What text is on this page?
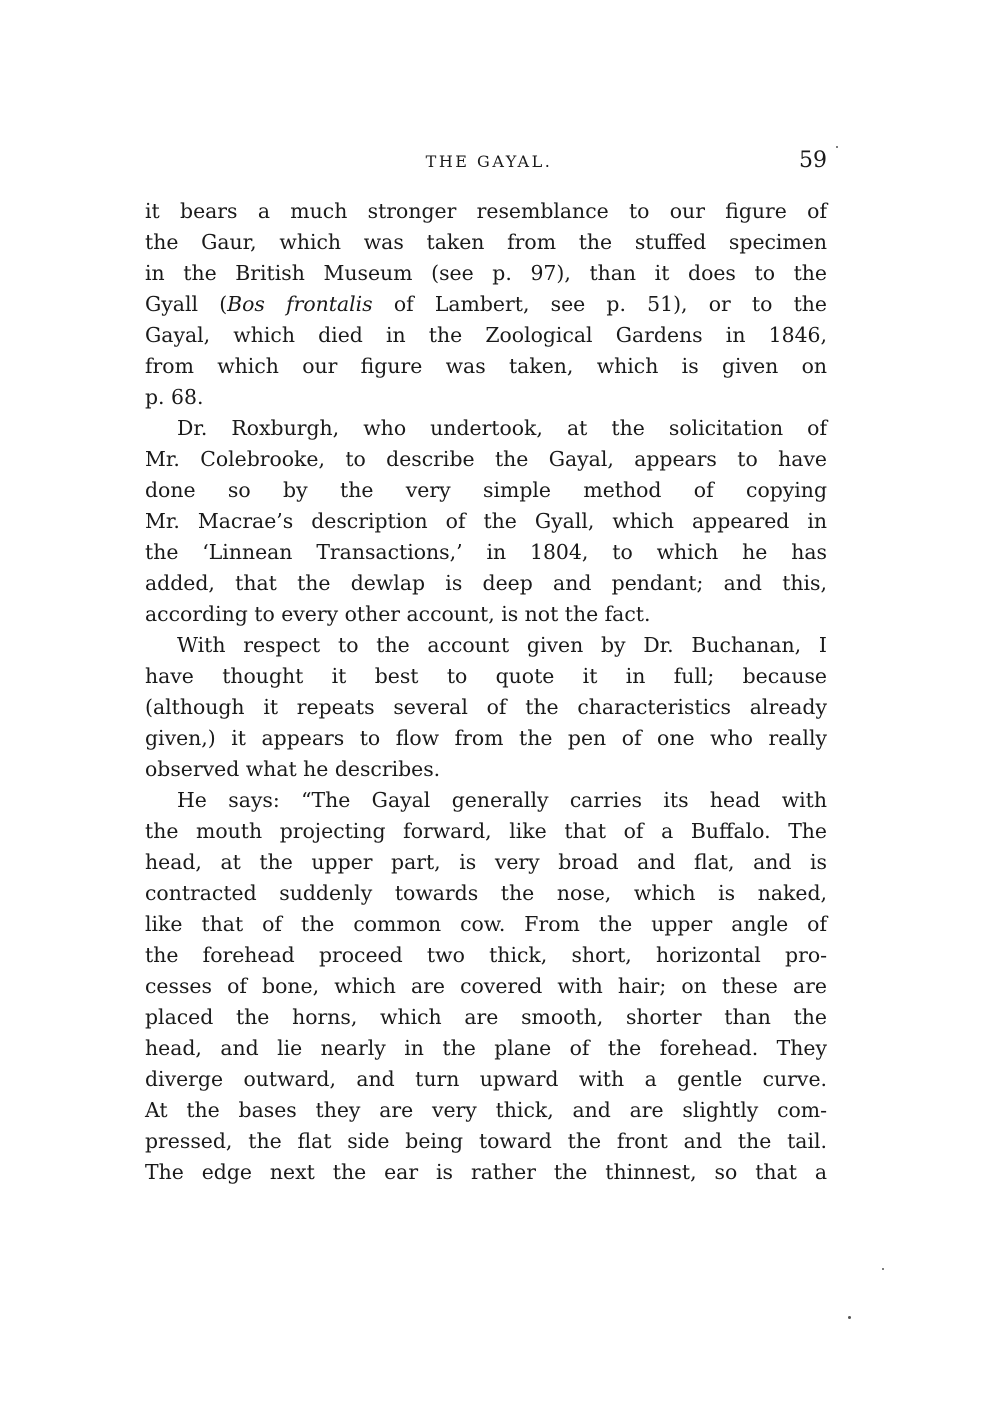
THE GAYAL.	59
it bears a much stronger resemblance to our figure of
the Gaur, which was taken from the stuffed specimen
in the British Museum (see p. 97), than it does to the
Gyall (Bos frontalis of Lambert, see p. 51), or to the
Gayal, which died in the Zoological Gardens in 1846,
from which our figure was taken, which is given on
p. 68.
Dr. Roxburgh, who undertook, at the solicitation of
Mr. Colebrooke, to describe the Gayal, appears to have
done so by the very simple method of copying
Mr. Macrae’s description of the Gyall, which appeared in
the ‘Linnean Transactions,’ in 1804, to which he has
added, that the dewlap is deep and pendant; and this,
according to every other account, is not the fact.
With respect to the account given by Dr. Buchanan, I
have thought it best to quote it in full; because
(although it repeats several of the characteristics already
given,) it appears to flow from the pen of one who really
observed what he describes.
He says: “The Gayal generally carries its head with
the mouth projecting forward, like that of a Buffalo. The
head, at the upper part, is very broad and flat, and is
contracted suddenly towards the nose, which is naked,
like that of the common cow. From the upper angle of
the forehead proceed two thick, short, horizontal pro-
cesses of bone, which are covered with hair; on these are
placed the horns, which are smooth, shorter than the
head, and lie nearly in the plane of the forehead. They
diverge outward, and turn upward with a gentle curve.
At the bases they are very thick, and are slightly com-
pressed, the flat side being toward the front and the tail.
The edge next the ear is rather the thinnest, so that a
